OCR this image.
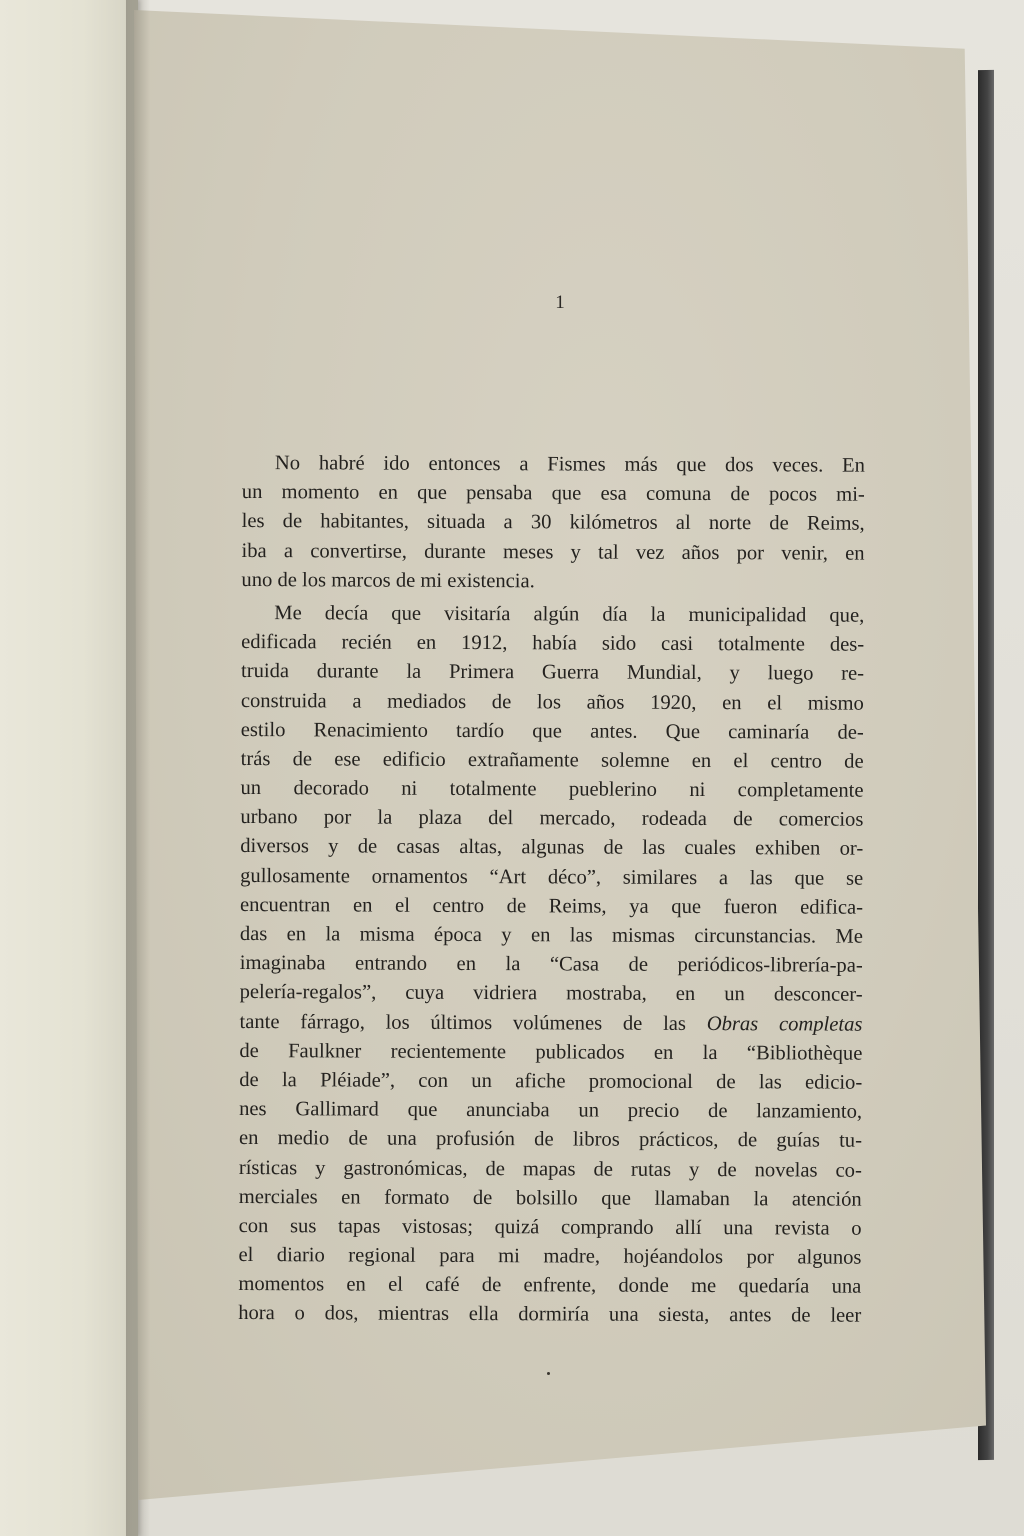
1
No habré ido entonces a Fismes más que dos veces. En
un momento en que pensaba que esa comuna de pocos mi-
les de habitantes, situada a 30 kilómetros al norte de Reims,
iba a convertirse, durante meses y tal vez años por venir, en
uno de los marcos de mi existencia.
Me decía que visitaría algún día la municipalidad que,
edificada recién en 1912, había sido casi totalmente des-
truida durante la Primera Guerra Mundial, y luego re-
construida a mediados de los años 1920, en el mismo
estilo Renacimiento tardío que antes. Que caminaría de-
trás de ese edificio extrañamente solemne en el centro de
un decorado ni totalmente pueblerino ni completamente
urbano por la plaza del mercado, rodeada de comercios
diversos y de casas altas, algunas de las cuales exhiben or-
gullosamente ornamentos “Art déco”, similares a las que se
encuentran en el centro de Reims, ya que fueron edifica-
das en la misma época y en las mismas circunstancias. Me
imaginaba entrando en la “Casa de periódicos-librería-pa-
pelería-regalos”, cuya vidriera mostraba, en un desconcer-
tante fárrago, los últimos volúmenes de las Obras completas
de Faulkner recientemente publicados en la “Bibliothèque
de la Pléiade”, con un afiche promocional de las edicio-
nes Gallimard que anunciaba un precio de lanzamiento,
en medio de una profusión de libros prácticos, de guías tu-
rísticas y gastronómicas, de mapas de rutas y de novelas co-
merciales en formato de bolsillo que llamaban la atención
con sus tapas vistosas; quizá comprando allí una revista o
el diario regional para mi madre, hojéandolos por algunos
momentos en el café de enfrente, donde me quedaría una
hora o dos, mientras ella dormiría una siesta, antes de leer
